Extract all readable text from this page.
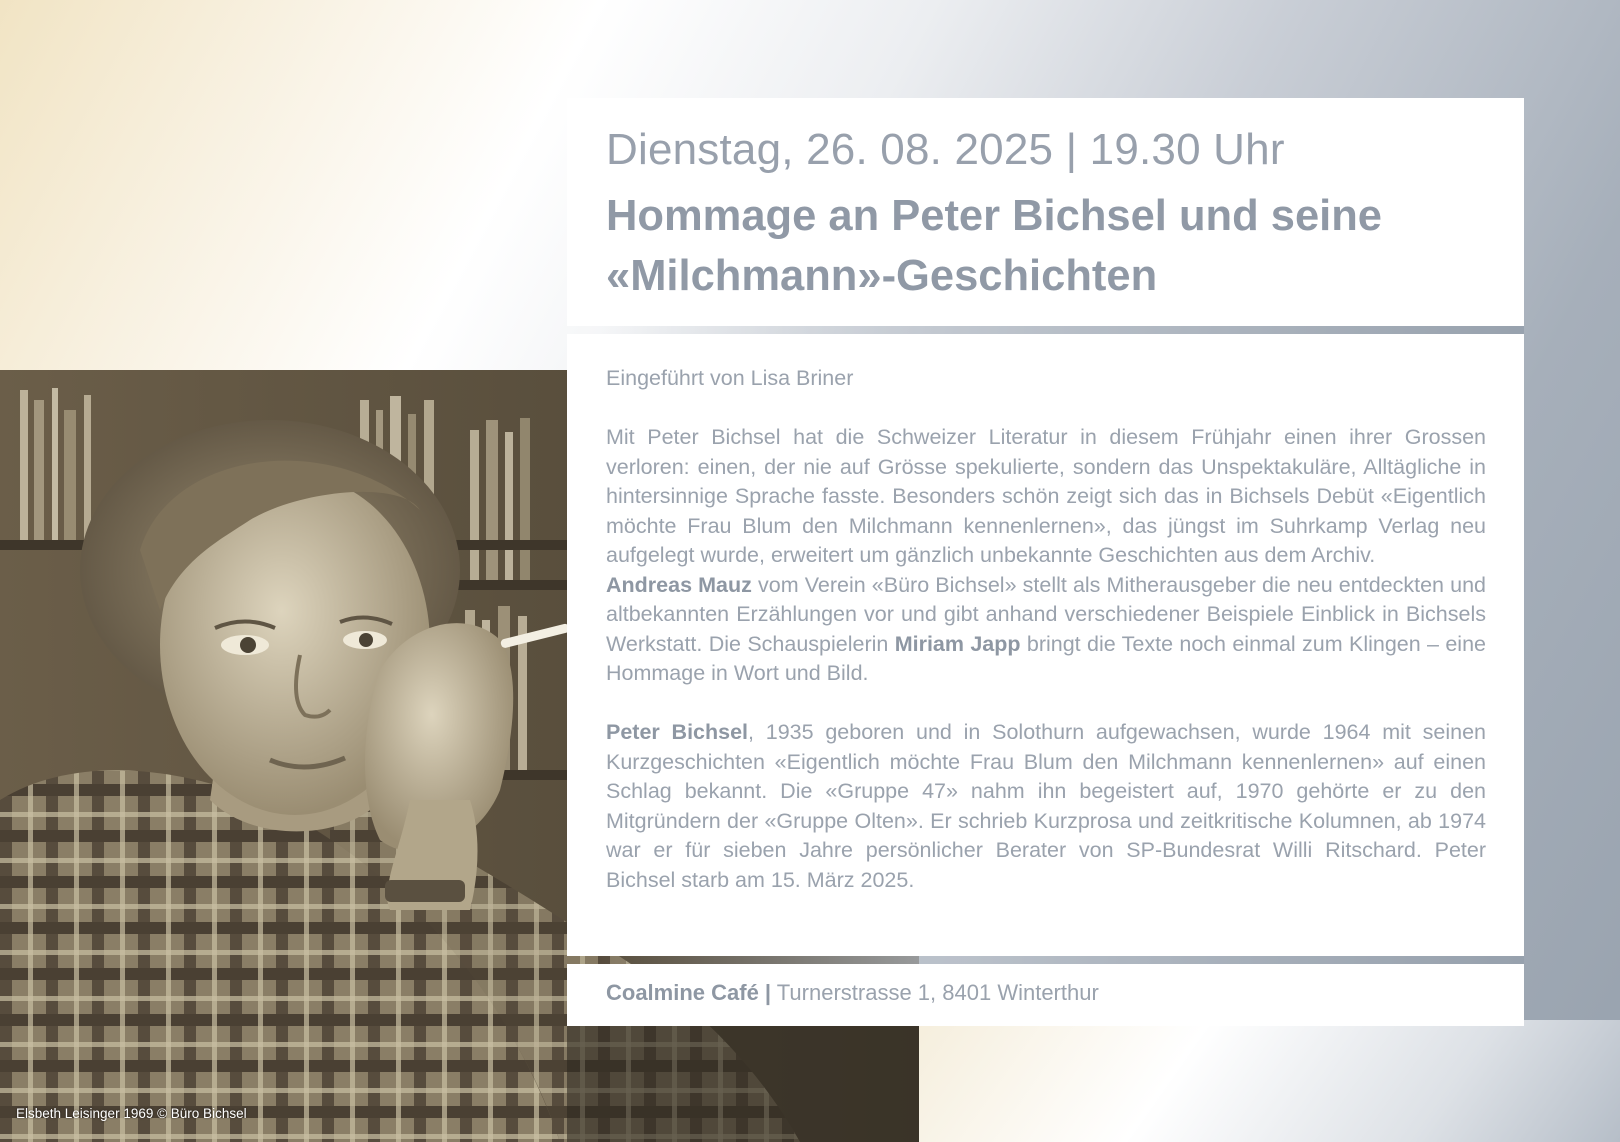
Elsbeth Leisinger 1969 © Büro Bichsel
Dienstag, 26. 08. 2025 | 19.30 Uhr
Hommage an Peter Bichsel und seine «Milchmann»-Geschichten

Eingeführt von Lisa Briner

Mit Peter Bichsel hat die Schweizer Literatur in diesem Frühjahr einen ihrer Grossen verloren: einen, der nie auf Grösse spekulierte, sondern das Unspektakuläre, Alltägliche in hintersinnige Sprache fasste. Besonders schön zeigt sich das in Bichsels Debüt «Eigentlich möchte Frau Blum den Milchmann kennenlernen», das jüngst im Suhrkamp Verlag neu aufgelegt wurde, erweitert um gänzlich unbekannte Geschichten aus dem Archiv.

Andreas Mauz vom Verein «Büro Bichsel» stellt als Mitherausgeber die neu entdeckten und altbekannten Erzählungen vor und gibt anhand verschiedener Beispiele Einblick in Bichsels Werkstatt. Die Schauspielerin Miriam Japp bringt die Texte noch einmal zum Klingen – eine Hommage in Wort und Bild.

Peter Bichsel, 1935 geboren und in Solothurn aufgewachsen, wurde 1964 mit seinen Kurzgeschichten «Eigentlich möchte Frau Blum den Milchmann kennenlernen» auf einen Schlag bekannt. Die «Gruppe 47» nahm ihn begeistert auf, 1970 gehörte er zu den Mitgründern der «Gruppe Olten». Er schrieb Kurzprosa und zeitkritische Kolumnen, ab 1974 war er für sieben Jahre persönlicher Berater von SP-Bundesrat Willi Ritschard. Peter Bichsel starb am 15. März 2025.

Coalmine Café | Turnerstrasse 1, 8401 Winterthur
